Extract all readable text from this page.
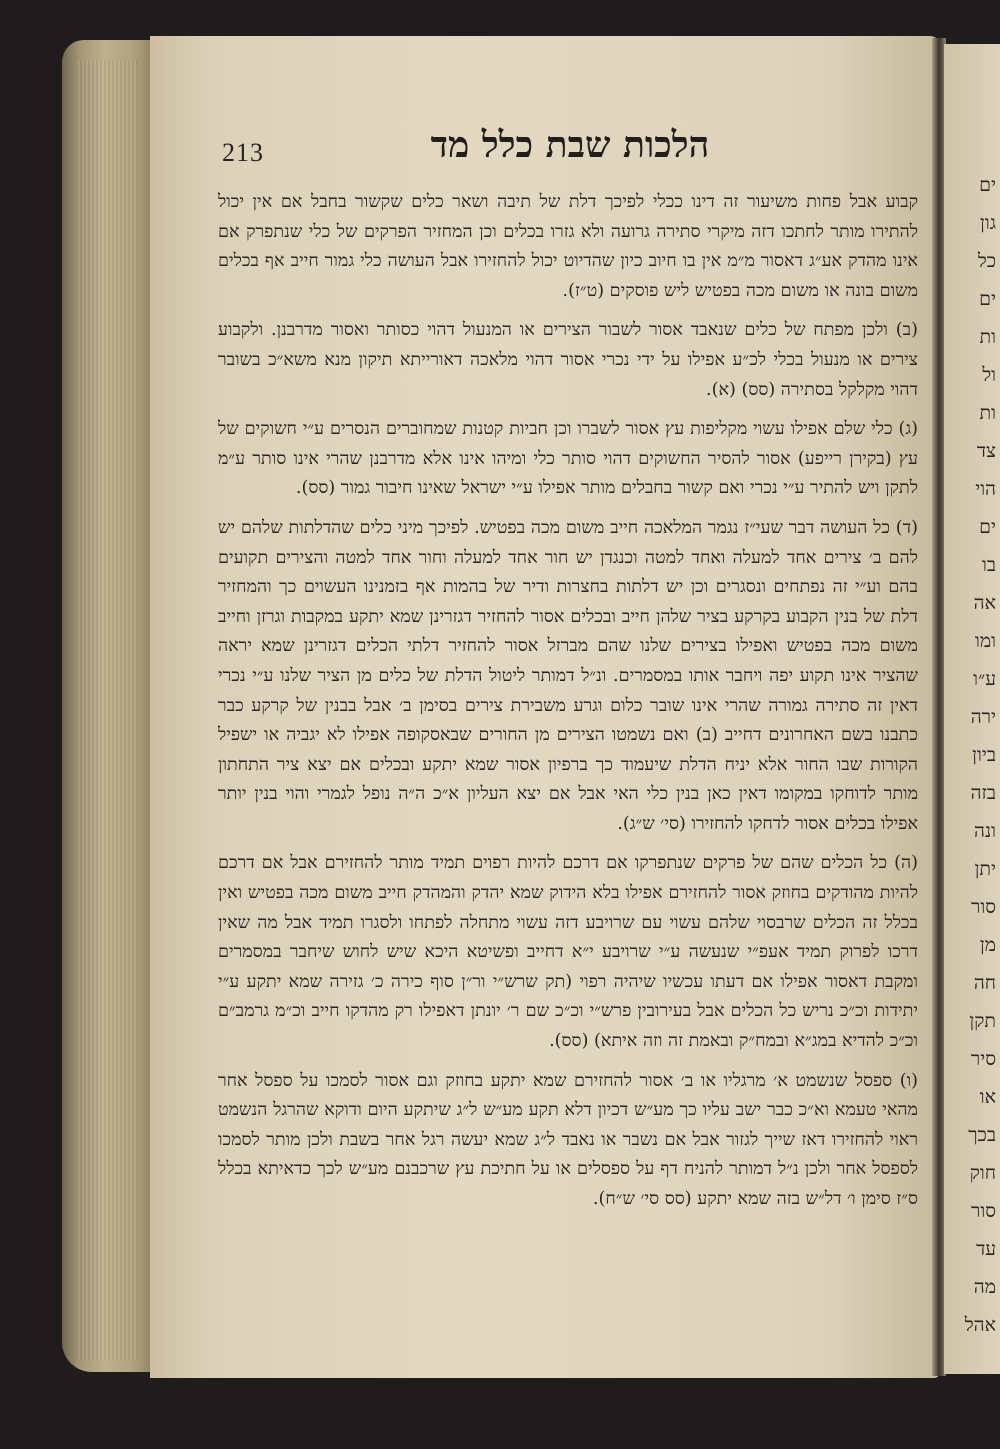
ים
גון
כל
ים
ות
ול
ות
צד
הוי
ים
בו
אה
ומו
ע״ו
ירה
ביון
בזה
ונה
יתן
סור
מן
חה
תקן
סיר
או
בכך
חוק
סור
עד
מה
אהל
213	הלכות שבת כלל מד

קבוע אבל פחות משיעור זה דינו ככלי לפיכך דלת של תיבה ושאר כלים שקשור בחבל אם אין יכול להתירו מותר לחתכו דזה מיקרי סתירה גרועה ולא גזרו בכלים וכן המחזיר הפרקים של כלי שנתפרק אם אינו מהדק אע״ג דאסור מ״מ אין בו חיוב כיון שהדיוט יכול להחזירו אבל העושה כלי גמור חייב אף בכלים משום בונה או משום מכה בפטיש ליש פוסקים (ט״ז).

(ב) ולכן מפתח של כלים שנאבד אסור לשבור הצירים או המנעול דהוי כסותר ואסור מדרבנן. ולקבוע צירים או מנעול בכלי לכ״ע אפילו על ידי נכרי אסור דהוי מלאכה דאורייתא תיקון מנא משא״כ בשובר דהוי מקלקל בסתירה (סס) (א).

(ג) כלי שלם אפילו עשוי מקליפות עץ אסור לשברו וכן חביות קטנות שמחוברים הנסרים ע״י חשוקים של עץ (בקירן רייפע) אסור להסיר החשוקים דהוי סותר כלי ומיהו אינו אלא מדרבנן שהרי אינו סותר ע״מ לתקן ויש להתיר ע״י נכרי ואם קשור בחבלים מותר אפילו ע״י ישראל שאינו חיבור גמור (סס).

(ד) כל העושה דבר שעי״ז נגמר המלאכה חייב משום מכה בפטיש. לפיכך מיני כלים שהדלתות שלהם יש להם ב׳ צירים אחד למעלה ואחד למטה וכנגדן יש חור אחד למעלה וחור אחד למטה והצירים תקועים בהם וע״י זה נפתחים ונסגרים וכן יש דלתות בחצרות ודיר של בהמות אף בזמנינו העשוים כך והמחזיר דלת של בנין הקבוע בקרקע בציר שלהן חייב ובכלים אסור להחזיר דגזרינן שמא יתקע במקבות וגרזן וחייב משום מכה בפטיש ואפילו בצירים שלנו שהם מברזל אסור להחזיר דלתי הכלים דגזרינן שמא יראה שהציר אינו תקוע יפה ויחבר אותו במסמרים. ונ״ל דמותר ליטול הדלת של כלים מן הציר שלנו ע״י נכרי דאין זה סתירה גמורה שהרי אינו שובר כלום וגרע משבירת צירים בסימן ב׳ אבל בבנין של קרקע כבר כתבנו בשם האחרונים דחייב (ב) ואם נשמטו הצירים מן החורים שבאסקופה אפילו לא יגביה או ישפיל הקורות שבו החור אלא יניח הדלת שיעמוד כך ברפיון אסור שמא יתקע ובכלים אם יצא ציר התחתון מותר לדוחקו במקומו דאין כאן בנין כלי האי אבל אם יצא העליון א״כ ה״ה נופל לגמרי והוי בנין יותר אפילו בכלים אסור לדחקו להחזירו (סי׳ ש״ג).

(ה) כל הכלים שהם של פרקים שנתפרקו אם דרכם להיות רפוים תמיד מותר להחזירם אבל אם דרכם להיות מהודקים בחוזק אסור להחזירם אפילו בלא הידוק שמא יהדק והמהדק חייב משום מכה בפטיש ואין בכלל זה הכלים שרבסוי שלהם עשוי עם שרויבע דזה עשוי מתחלה לפתחו ולסגרו תמיד אבל מה שאין דרכו לפרוק תמיד אעפ״י שנעשה ע״י שרויבע י״א דחייב ופשיטא היכא שיש לחוש שיחבר במסמרים ומקבת דאסור אפילו אם דעתו עכשיו שיהיה רפוי (תק שרש״י ור״ן סוף כירה כ׳ גזירה שמא יתקע ע״י יתידות וכ״כ נריש כל הכלים אבל בעירובין פרש״י וכ״כ שם ר׳ יונתן דאפילו רק מהדקו חייב וכ״מ גרמב״ם וכ״כ להדיא במג״א ובמח״ק ובאמת זה וזה איתא) (סס).

(ו) ספסל שנשמט א׳ מרגליו או ב׳ אסור להחזירם שמא יתקע בחוזק וגם אסור לסמכו על ספסל אחר מהאי טעמא וא״כ כבר ישב עליו כך מע״ש דכיון דלא תקע מע״ש ל״ג שיתקע היום ודוקא שהרגל הנשמט ראוי להחזירו דאז שייך לגזור אבל אם נשבר או נאבד ל״ג שמא יעשה רגל אחר בשבת ולכן מותר לסמכו לספסל אחר ולכן נ״ל דמותר להניח דף על ספסלים או על חתיכת עץ שרכבנם מע״ש לכך כדאיתא בכלל ס״ז סימן ו׳ דל״ש בזה שמא יתקע (סס סי׳ ש״ח).
